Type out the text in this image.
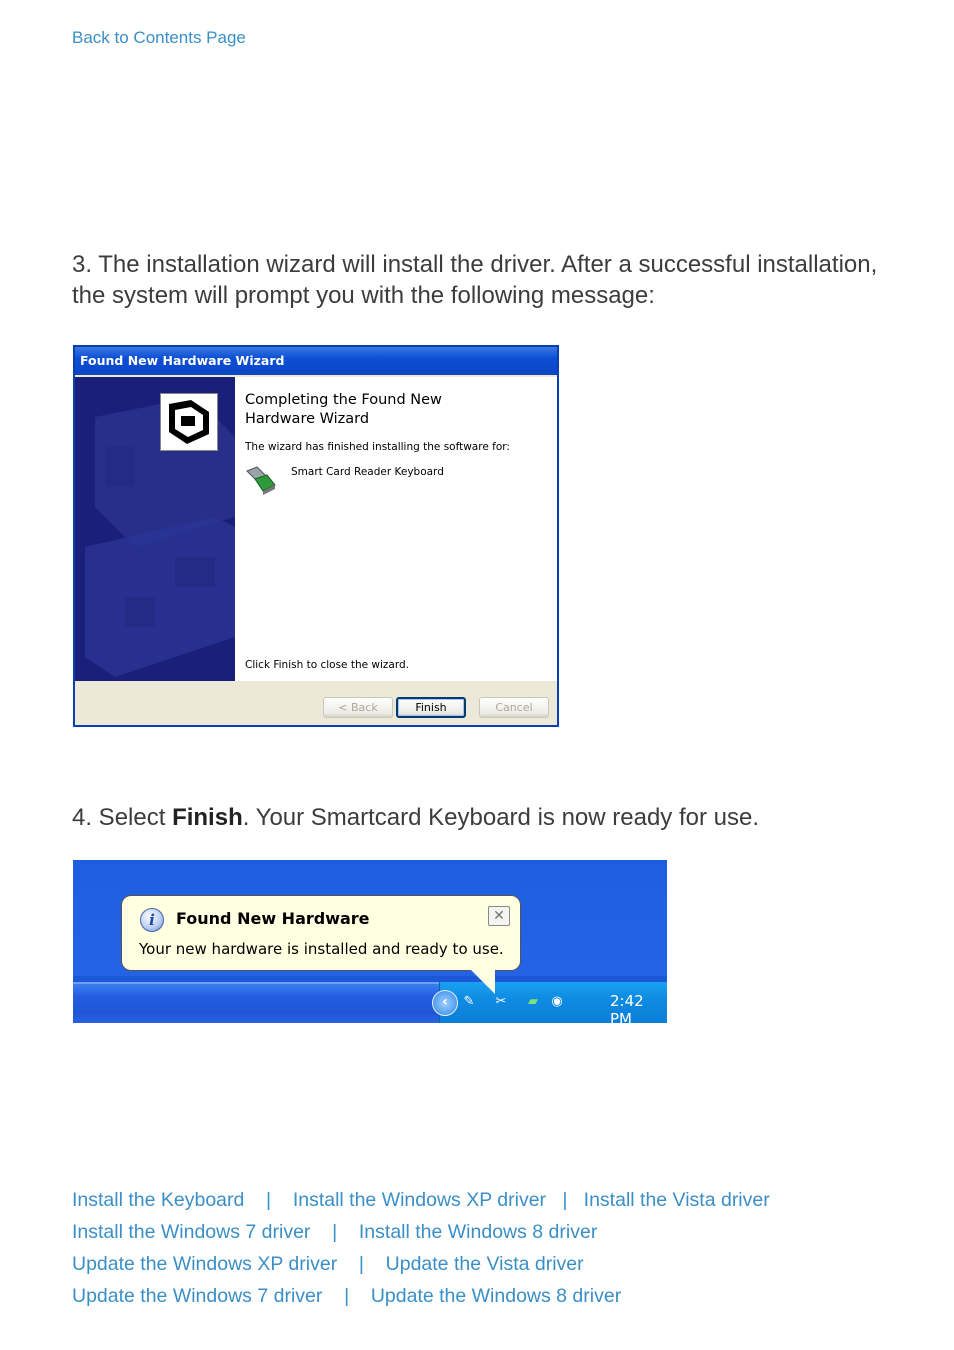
Back to Contents Page
3. The installation wizard will install the driver. After a successful installation, the system will prompt you with the following message:
Found New Hardware Wizard
Completing the Found New
Hardware Wizard
The wizard has finished installing the software for:
Smart Card Reader Keyboard
Click Finish to close the wizard.
< Back	Finish	Cancel
4. Select Finish. Your Smartcard Keyboard is now ready for use.
‹	✎ ✂	▰	◉	2:42 PM
i	Found New Hardware
Your new hardware is installed and ready to use.
✕
Install the Keyboard | Install the Windows XP driver | Install the Vista driver
Install the Windows 7 driver | Install the Windows 8 driver
Update the Windows XP driver | Update the Vista driver
Update the Windows 7 driver | Update the Windows 8 driver
